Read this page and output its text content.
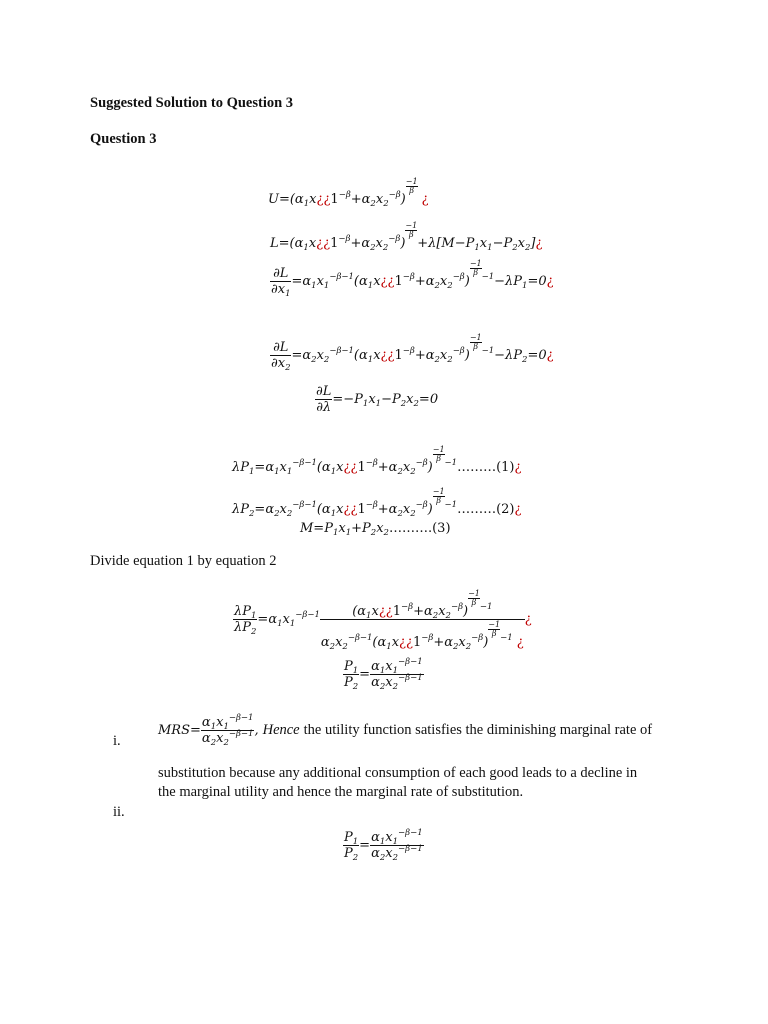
Suggested Solution to Question 3
Question 3
$U=(\alpha_1x¿¿1^{-\beta}+\alpha_2x_2^{-\beta})$
$\frac{-1}{\beta}$
¿
$L=(\alpha_1x¿¿1^{-\beta}+\alpha_2x_2^{-\beta})$
$\frac{-1}{\beta}$
$+\lambda[M-P_1x_1-P_2x_2]¿$
$\frac{\partial L}{\partial x_1}$ $=\alpha_1x_1^{-\beta-1}(\alpha_1x¿¿1^{-\beta}+\alpha_2x_2^{-\beta})$
$\frac{-1}{\beta}$ $^{-1}-\lambda P_1=0¿$
$\frac{\partial L}{\partial x_2}$ $=\alpha_2x_2^{-\beta-1}(\alpha_1x¿¿1^{-\beta}+\alpha_2x_2^{-\beta})$
$\frac{-1}{\beta}$ $^{-1}-\lambda P_2=0¿$
$\frac{\partial L}{\partial\lambda} =-P_1x_1-P_2x_2=0$
$\lambda P_1=\alpha_1x_1^{-\beta-1}(\alpha_1x¿¿1^{-\beta}+\alpha_2x_2^{-\beta})$
$\frac{-1}{\beta}$ $^{-1}$………(1)¿
$\lambda P_2=\alpha_2x_2^{-\beta-1}(\alpha_1x¿¿1^{-\beta}+\alpha_2x_2^{-\beta})$
$\frac{-1}{\beta}$ $^{-1}$………(2)¿
$M=P_1x_1+P_2x_2\dots\dots\dots.(3)$
Divide equation 1 by equation 2
$\frac{\lambda P_1}{\lambda P_2} =\alpha_1x_1^{-\beta-1}$ $(\alpha_1x¿¿1^{-\beta}+\alpha_2x_2^{-\beta})$
$\frac{-1}{\beta} ^{-1}$
$\alpha_2x_2^{-\beta-1}(\alpha_1x¿¿1^{-\beta}+\alpha_2x_2^{-\beta})$
$\frac{-1}{\beta} ^{-1}$ ¿ ¿
$\frac{P_1}{P_2} = \frac{\alpha_1x_1^{-\beta-1}}{\alpha_2x_2^{-\beta-1}}$
i.
$MRS= \frac{\alpha_1x_1^{-\beta-1}}{\alpha_2x_2^{-\beta-1}}$ , Hence the utility function satisfies the diminishing marginal rate of
substitution because any additional consumption of each good leads to a decline in
the marginal utility and hence the marginal rate of substitution.
ii.
$\frac{P_1}{P_2} = \frac{\alpha_1x_1^{-\beta-1}}{\alpha_2x_2^{-\beta-1}}$
